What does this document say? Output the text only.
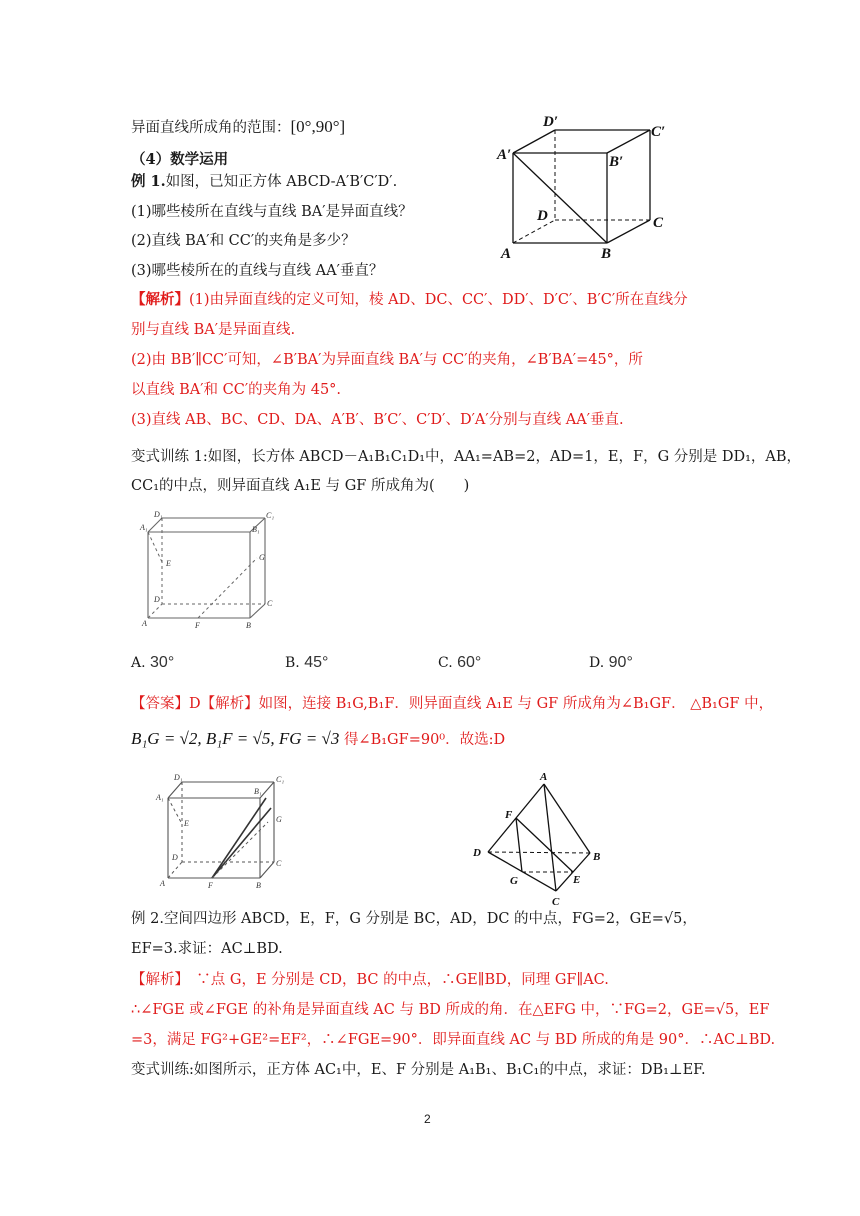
异面直线所成角的范围：[0°,90°]
（4）数学运用
例 1.如图，已知正方体 ABCD-A′B′C′D′.
(1)哪些棱所在直线与直线 BA′是异面直线？
(2)直线 BA′和 CC′的夹角是多少？
(3)哪些棱所在的直线与直线 AA′垂直？
A′
D′
C′
B′
D	C
A	B
【解析】(1)由异面直线的定义可知，棱 AD、DC、CC′、DD′、D′C′、B′C′所在直线分
别与直线 BA′是异面直线.
(2)由 BB′∥CC′可知，∠B′BA′为异面直线 BA′与 CC′的夹角，∠B′BA′=45°，所
以直线 BA′和 CC′的夹角为 45°.
(3)直线 AB、BC、CD、DA、A′B′、B′C′、C′D′、D′A′分别与直线 AA′垂直.
变式训练 1:如图，长方体 ABCD－A₁B₁C₁D₁中，AA₁=AB=2，AD=1，E，F，G 分别是 DD₁，AB，
CC₁的中点，则异面直线 A₁E 与 GF 所成角为(　　)
D₁	C₁
A₁	B₁
E
G
D	C
A	F	B
A. 30°	B. 45°	C. 60°	D. 90°
【答案】D【解析】如图，连接 B₁G,B₁F．则异面直线 A₁E 与 GF 所成角为∠B₁GF． △B₁GF 中，
B₁G = √2, B₁F = √5, FG = √3 得∠B₁GF=90⁰．故选:D
D₁	C₁
A₁
B₁
E	G
D
C
A	F	B
A
F
D	B
G	E
C
例 2.空间四边形 ABCD，E，F，G 分别是 BC，AD，DC 的中点，FG=2，GE=√5，
EF=3.求证：AC⊥BD.
【解析】　∵点 G，E 分别是 CD，BC 的中点，∴GE∥BD，同理 GF∥AC.
∴∠FGE 或∠FGE 的补角是异面直线 AC 与 BD 所成的角．在△EFG 中，∵FG=2，GE=√5，EF
=3，满足 FG²+GE²=EF²，∴∠FGE=90°．即异面直线 AC 与 BD 所成的角是 90°．∴AC⊥BD.
变式训练:如图所示，正方体 AC₁中，E、F 分别是 A₁B₁、B₁C₁的中点，求证：DB₁⊥EF.
2
